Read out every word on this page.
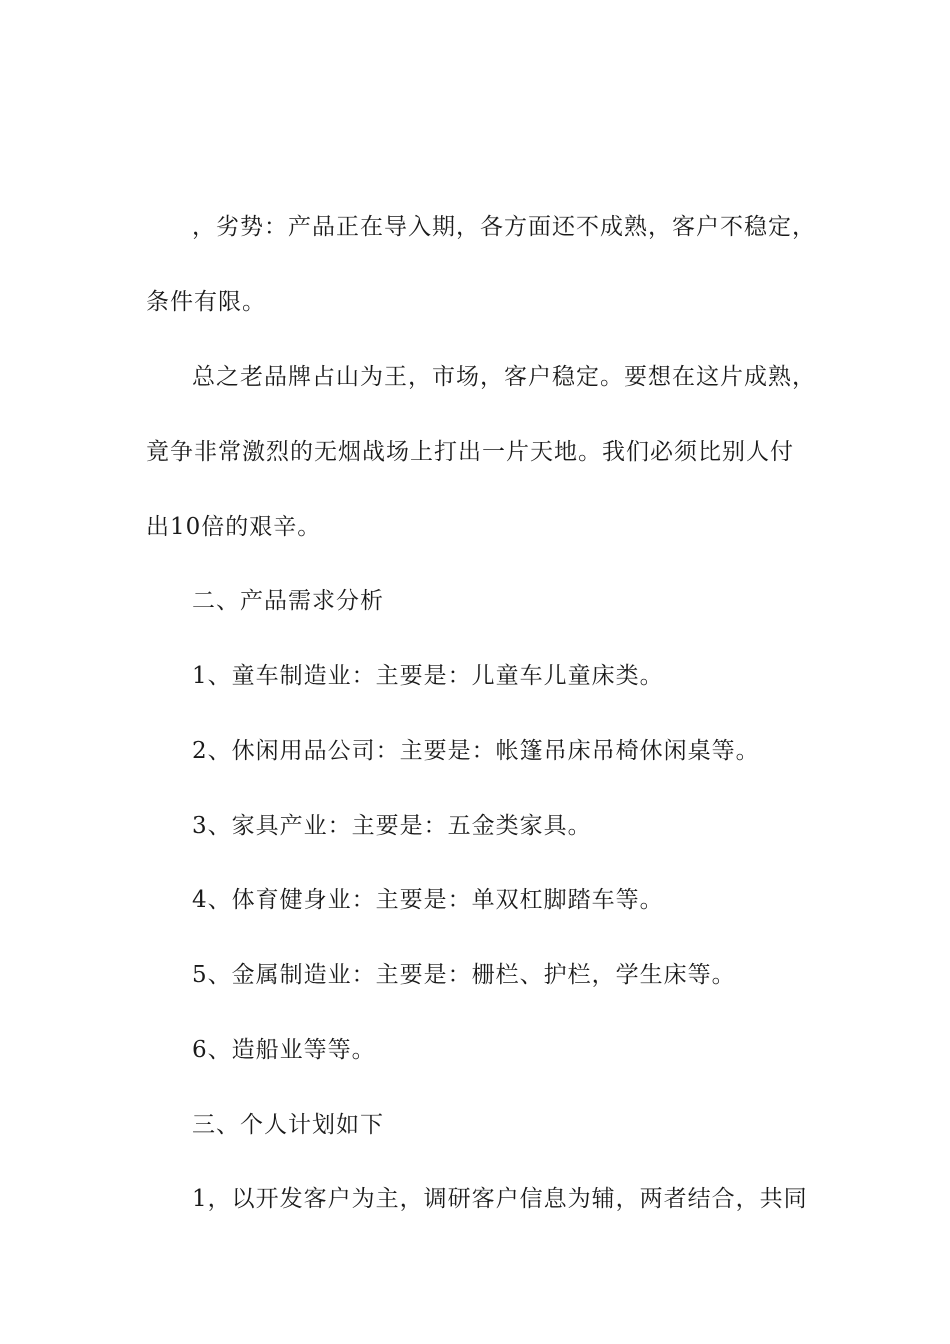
，劣势：产品正在导入期，各方面还不成熟，客户不稳定，
条件有限。
总之老品牌占山为王，市场，客户稳定。要想在这片成熟，
竟争非常激烈的无烟战场上打出一片天地。我们必须比别人付
出10倍的艰辛。
二、产品需求分析
1、童车制造业：主要是：儿童车儿童床类。
2、休闲用品公司：主要是：帐篷吊床吊椅休闲桌等。
3、家具产业：主要是：五金类家具。
4、体育健身业：主要是：单双杠脚踏车等。
5、金属制造业：主要是：栅栏、护栏，学生床等。
6、造船业等等。
三、个人计划如下
1，以开发客户为主，调研客户信息为辅，两者结合，共同
